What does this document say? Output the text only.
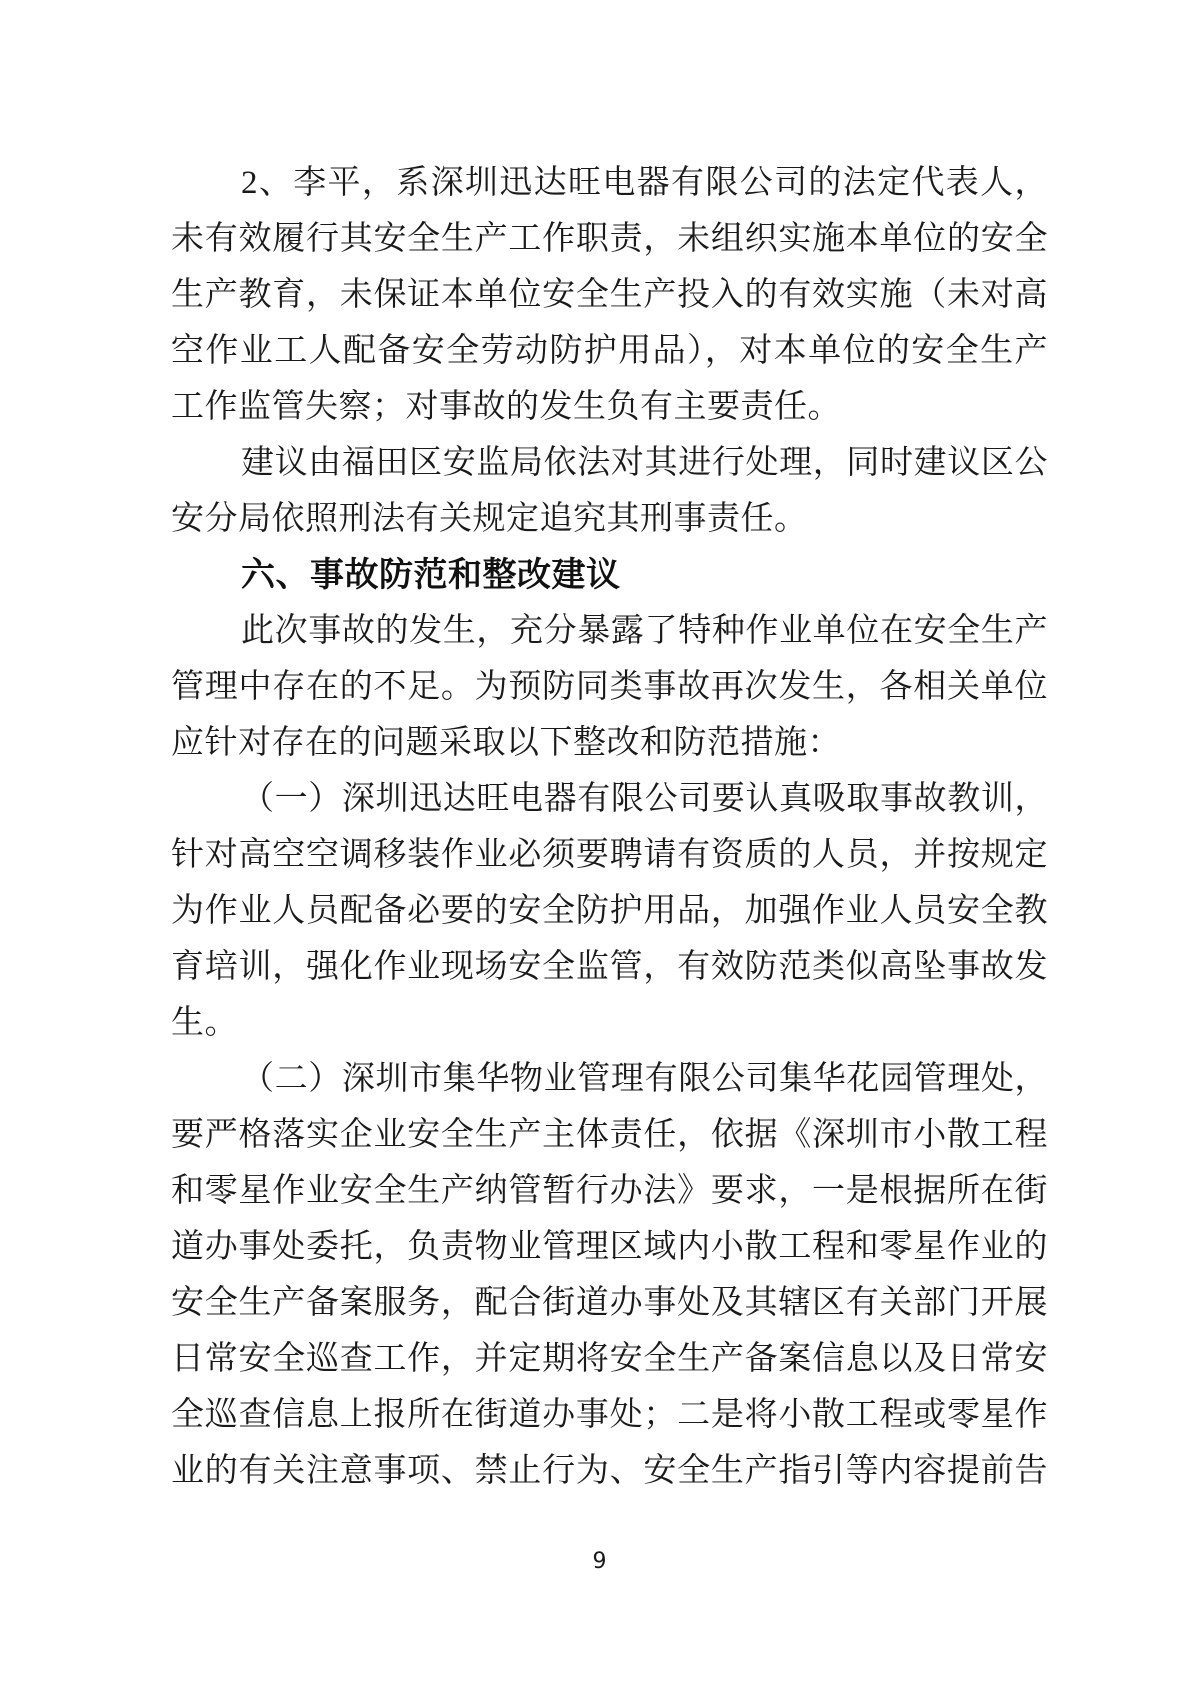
2、李平，系深圳迅达旺电器有限公司的法定代表人，

未有效履行其安全生产工作职责，未组织实施本单位的安全

生产教育，未保证本单位安全生产投入的有效实施（未对高

空作业工人配备安全劳动防护用品），对本单位的安全生产

工作监管失察；对事故的发生负有主要责任。

建议由福田区安监局依法对其进行处理，同时建议区公

安分局依照刑法有关规定追究其刑事责任。

六、事故防范和整改建议

此次事故的发生，充分暴露了特种作业单位在安全生产

管理中存在的不足。为预防同类事故再次发生，各相关单位

应针对存在的问题采取以下整改和防范措施：

（一）深圳迅达旺电器有限公司要认真吸取事故教训，

针对高空空调移装作业必须要聘请有资质的人员，并按规定

为作业人员配备必要的安全防护用品，加强作业人员安全教

育培训，强化作业现场安全监管，有效防范类似高坠事故发

生。

（二）深圳市集华物业管理有限公司集华花园管理处，

要严格落实企业安全生产主体责任，依据《深圳市小散工程

和零星作业安全生产纳管暂行办法》要求，一是根据所在街

道办事处委托，负责物业管理区域内小散工程和零星作业的

安全生产备案服务，配合街道办事处及其辖区有关部门开展

日常安全巡查工作，并定期将安全生产备案信息以及日常安

全巡查信息上报所在街道办事处；二是将小散工程或零星作

业的有关注意事项、禁止行为、安全生产指引等内容提前告

9
